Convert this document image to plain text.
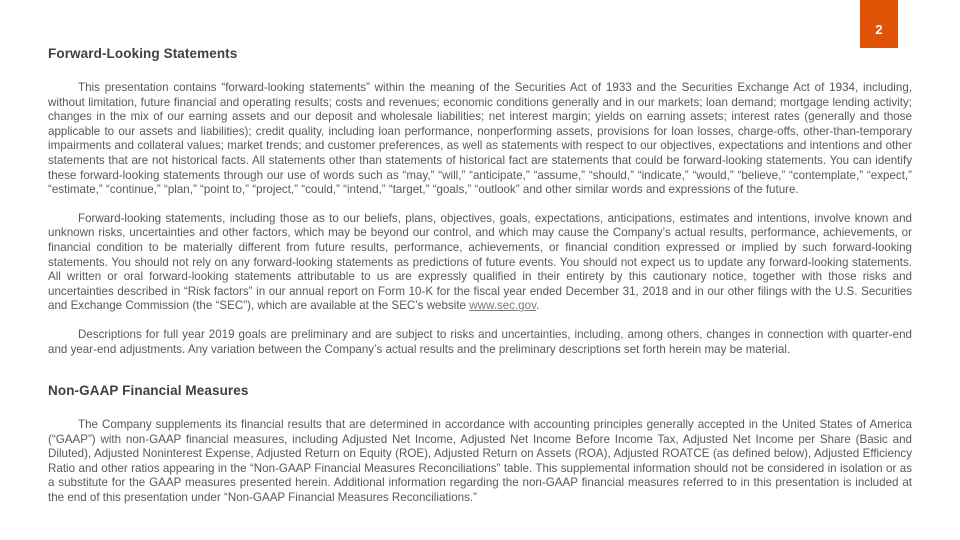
2
Forward-Looking Statements

This presentation contains “forward-looking statements” within the meaning of the Securities Act of 1933 and the Securities Exchange Act of 1934, including, without limitation, future financial and operating results; costs and revenues; economic conditions generally and in our markets; loan demand; mortgage lending activity; changes in the mix of our earning assets and our deposit and wholesale liabilities; net interest margin; yields on earning assets; interest rates (generally and those applicable to our assets and liabilities); credit quality, including loan performance, nonperforming assets, provisions for loan losses, charge-offs, other-than-temporary impairments and collateral values; market trends; and customer preferences, as well as statements with respect to our objectives, expectations and intentions and other statements that are not historical facts. All statements other than statements of historical fact are statements that could be forward-looking statements. You can identify these forward-looking statements through our use of words such as “may,” “will,” “anticipate,” “assume,” “should,” “indicate,” “would,” “believe,” “contemplate,” “expect,” “estimate,” “continue,” “plan,” “point to,” “project,” “could,” “intend,” “target,” “goals,” “outlook” and other similar words and expressions of the future.

Forward-looking statements, including those as to our beliefs, plans, objectives, goals, expectations, anticipations, estimates and intentions, involve known and unknown risks, uncertainties and other factors, which may be beyond our control, and which may cause the Company’s actual results, performance, achievements, or financial condition to be materially different from future results, performance, achievements, or financial condition expressed or implied by such forward-looking statements. You should not rely on any forward-looking statements as predictions of future events. You should not expect us to update any forward-looking statements. All written or oral forward-looking statements attributable to us are expressly qualified in their entirety by this cautionary notice, together with those risks and uncertainties described in “Risk factors” in our annual report on Form 10-K for the fiscal year ended December 31, 2018 and in our other filings with the U.S. Securities and Exchange Commission (the “SEC”), which are available at the SEC’s website www.sec.gov.

Descriptions for full year 2019 goals are preliminary and are subject to risks and uncertainties, including, among others, changes in connection with quarter-end and year-end adjustments. Any variation between the Company’s actual results and the preliminary descriptions set forth herein may be material.

Non-GAAP Financial Measures

The Company supplements its financial results that are determined in accordance with accounting principles generally accepted in the United States of America (“GAAP”) with non-GAAP financial measures, including Adjusted Net Income, Adjusted Net Income Before Income Tax, Adjusted Net Income per Share (Basic and Diluted), Adjusted Noninterest Expense, Adjusted Return on Equity (ROE), Adjusted Return on Assets (ROA), Adjusted ROATCE (as defined below), Adjusted Efficiency Ratio and other ratios appearing in the “Non-GAAP Financial Measures Reconciliations” table. This supplemental information should not be considered in isolation or as a substitute for the GAAP measures presented herein. Additional information regarding the non-GAAP financial measures referred to in this presentation is included at the end of this presentation under “Non-GAAP Financial Measures Reconciliations.”
